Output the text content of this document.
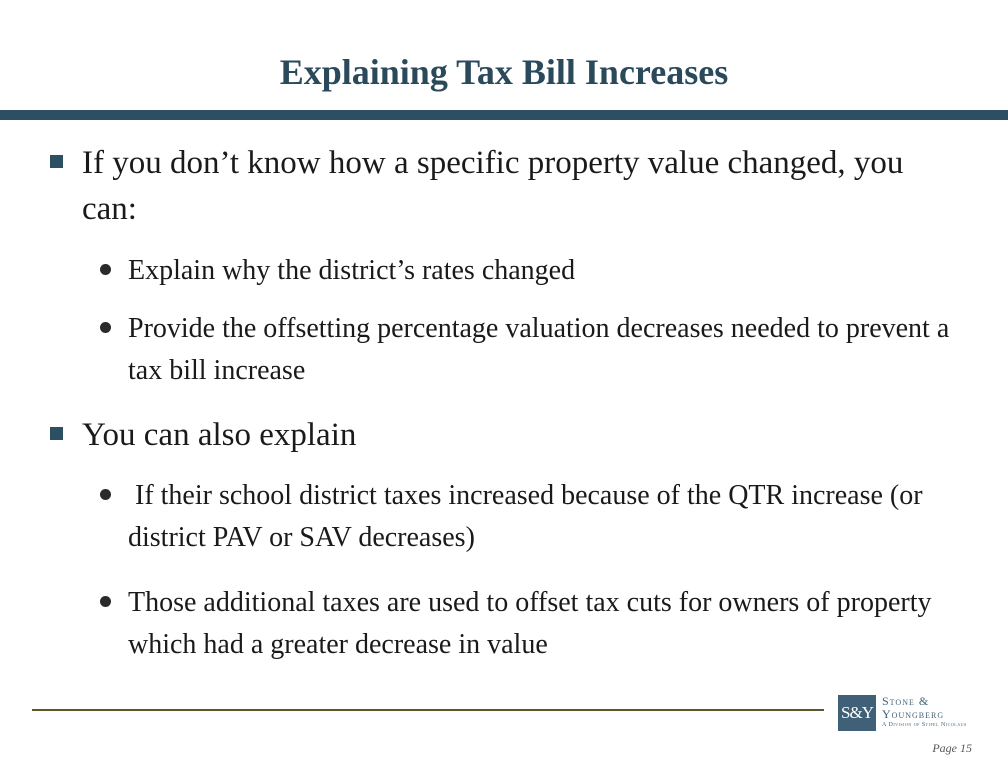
Explaining Tax Bill Increases
If you don’t know how a specific property value changed, you can:
Explain why the district’s rates changed
Provide the offsetting percentage valuation decreases needed to prevent a tax bill increase
You can also explain
If their school district taxes increased because of the QTR increase (or district PAV or SAV decreases)
Those additional taxes are used to offset tax cuts for owners of property which had a greater decrease in value
S&Y
Stone &
Youngberg
A Division of Stifel Nicolaus
Page 15
